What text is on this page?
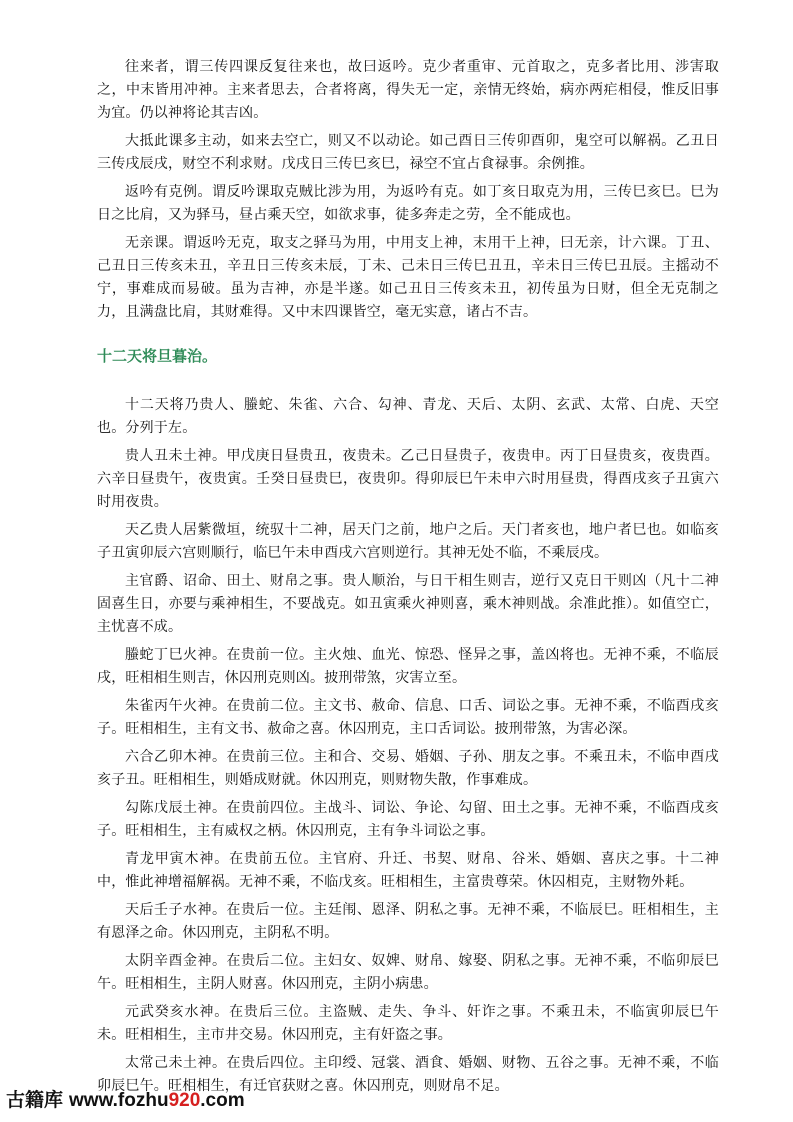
往来者，谓三传四课反复往来也，故曰返吟。克少者重审、元首取之，克多者比用、涉害取之，中末皆用冲神。主来者思去，合者将离，得失无一定，亲情无终始，病亦两疟相侵，惟反旧事为宜。仍以神将论其吉凶。

大抵此课多主动，如来去空亡，则又不以动论。如己酉日三传卯酉卯，鬼空可以解祸。乙丑日三传戌辰戌，财空不利求财。戊戌日三传巳亥巳，禄空不宜占食禄事。余例推。

返吟有克例。谓反吟课取克贼比涉为用，为返吟有克。如丁亥日取克为用，三传巳亥巳。巳为日之比肩，又为驿马，昼占乘天空，如欲求事，徒多奔走之劳，全不能成也。

无亲课。谓返吟无克，取支之驿马为用，中用支上神，末用干上神，曰无亲，计六课。丁丑、己丑日三传亥未丑，辛丑日三传亥未辰，丁未、己未日三传巳丑丑，辛未日三传巳丑辰。主摇动不宁，事难成而易破。虽为吉神，亦是半遂。如己丑日三传亥未丑，初传虽为日财，但全无克制之力，且满盘比肩，其财难得。又中末四课皆空，毫无实意，诸占不吉。

十二天将旦暮治。

十二天将乃贵人、螣蛇、朱雀、六合、勾神、青龙、天后、太阴、玄武、太常、白虎、天空也。分列于左。

贵人丑未土神。甲戊庚日昼贵丑，夜贵未。乙己日昼贵子，夜贵申。丙丁日昼贵亥，夜贵酉。六辛日昼贵午，夜贵寅。壬癸日昼贵巳，夜贵卯。得卯辰巳午未申六时用昼贵，得酉戌亥子丑寅六时用夜贵。

天乙贵人居紫微垣，统驭十二神，居天门之前，地户之后。天门者亥也，地户者巳也。如临亥子丑寅卯辰六宫则顺行，临巳午未申酉戌六宫则逆行。其神无处不临，不乘辰戌。

主官爵、诏命、田土、财帛之事。贵人顺治，与日干相生则吉，逆行又克日干则凶（凡十二神固喜生日，亦要与乘神相生，不要战克。如丑寅乘火神则喜，乘木神则战。余准此推）。如值空亡，主忧喜不成。

螣蛇丁巳火神。在贵前一位。主火烛、血光、惊恐、怪异之事，盖凶将也。无神不乘，不临辰戌，旺相相生则吉，休囚刑克则凶。披刑带煞，灾害立至。

朱雀丙午火神。在贵前二位。主文书、赦命、信息、口舌、词讼之事。无神不乘，不临酉戌亥子。旺相相生，主有文书、赦命之喜。休囚刑克，主口舌词讼。披刑带煞，为害必深。

六合乙卯木神。在贵前三位。主和合、交易、婚姻、子孙、朋友之事。不乘丑未，不临申酉戌亥子丑。旺相相生，则婚成财就。休囚刑克，则财物失散，作事难成。

勾陈戊辰土神。在贵前四位。主战斗、词讼、争论、勾留、田土之事。无神不乘，不临酉戌亥子。旺相相生，主有威权之柄。休囚刑克，主有争斗词讼之事。

青龙甲寅木神。在贵前五位。主官府、升迁、书契、财帛、谷米、婚姻、喜庆之事。十二神中，惟此神增福解祸。无神不乘，不临戊亥。旺相相生，主富贵尊荣。休囚相克，主财物外耗。

天后壬子水神。在贵后一位。主廷闱、恩泽、阴私之事。无神不乘，不临辰巳。旺相相生，主有恩泽之命。休囚刑克，主阴私不明。

太阴辛酉金神。在贵后二位。主妇女、奴婢、财帛、嫁娶、阴私之事。无神不乘，不临卯辰巳午。旺相相生，主阴人财喜。休囚刑克，主阴小病患。

元武癸亥水神。在贵后三位。主盗贼、走失、争斗、奸诈之事。不乘丑未，不临寅卯辰巳午未。旺相相生，主市井交易。休囚刑克，主有奸盗之事。

太常己未土神。在贵后四位。主印绶、冠裳、酒食、婚姻、财物、五谷之事。无神不乘，不临卯辰巳午。旺相相生，有迁官获财之喜。休囚刑克，则财帛不足。

古籍库 www.fozhu920.com
